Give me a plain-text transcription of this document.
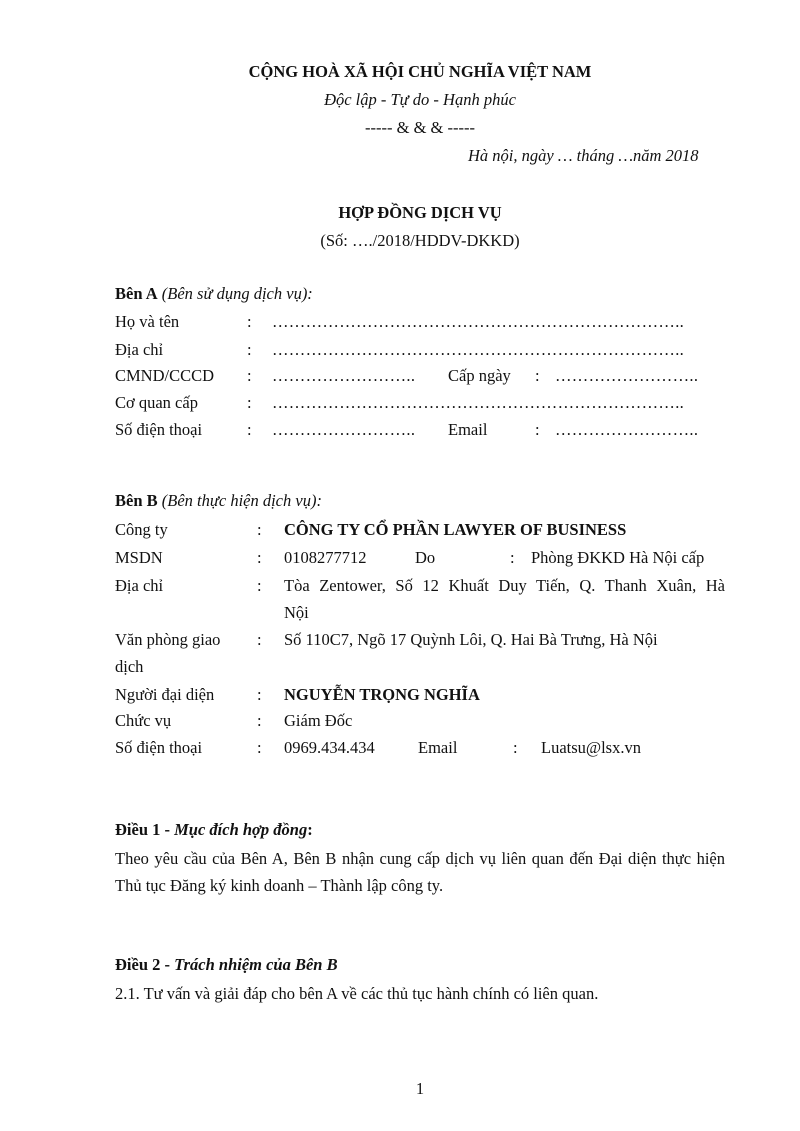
CỘNG HOÀ XÃ HỘI CHỦ NGHĨA VIỆT NAM
Độc lập - Tự do - Hạnh phúc
----- & & & -----
Hà nội, ngày … tháng …năm 2018
HỢP ĐỒNG DỊCH VỤ
(Số: …./2018/HDDV-DKKD)
Bên A (Bên sử dụng dịch vụ):
Họ và tên	: ………………………………………………………………..
Địa chỉ	: ………………………………………………………………..
CMND/CCCD : …………………….. Cấp ngày : ……………………..
Cơ quan cấp	: ………………………………………………………………..
Số điện thoại	: …………………….. Email	: ……………………..
Bên B (Bên thực hiện dịch vụ):
Công ty	: CÔNG TY CỔ PHẦN LAWYER OF BUSINESS
MSDN	: 0108277712	Do	: Phòng ĐKKD Hà Nội cấp
Địa chỉ	: Tòa Zentower, Số 12 Khuất Duy Tiến, Q. Thanh Xuân, Hà
Nội
Văn phòng giao
dịch
: Số 110C7, Ngõ 17 Quỳnh Lôi, Q. Hai Bà Trưng, Hà Nội
Người đại diện	: NGUYỄN TRỌNG NGHĨA
Chức vụ	: Giám Đốc
Số điện thoại	: 0969.434.434	Email	: Luatsu@lsx.vn
Điều 1 - Mục đích hợp đồng:
Theo yêu cầu của Bên A, Bên B nhận cung cấp dịch vụ liên quan đến Đại diện thực hiện Thủ tục Đăng ký kinh doanh – Thành lập công ty.
Điều 2 - Trách nhiệm của Bên B
2.1. Tư vấn và giải đáp cho bên A về các thủ tục hành chính có liên quan.
1
